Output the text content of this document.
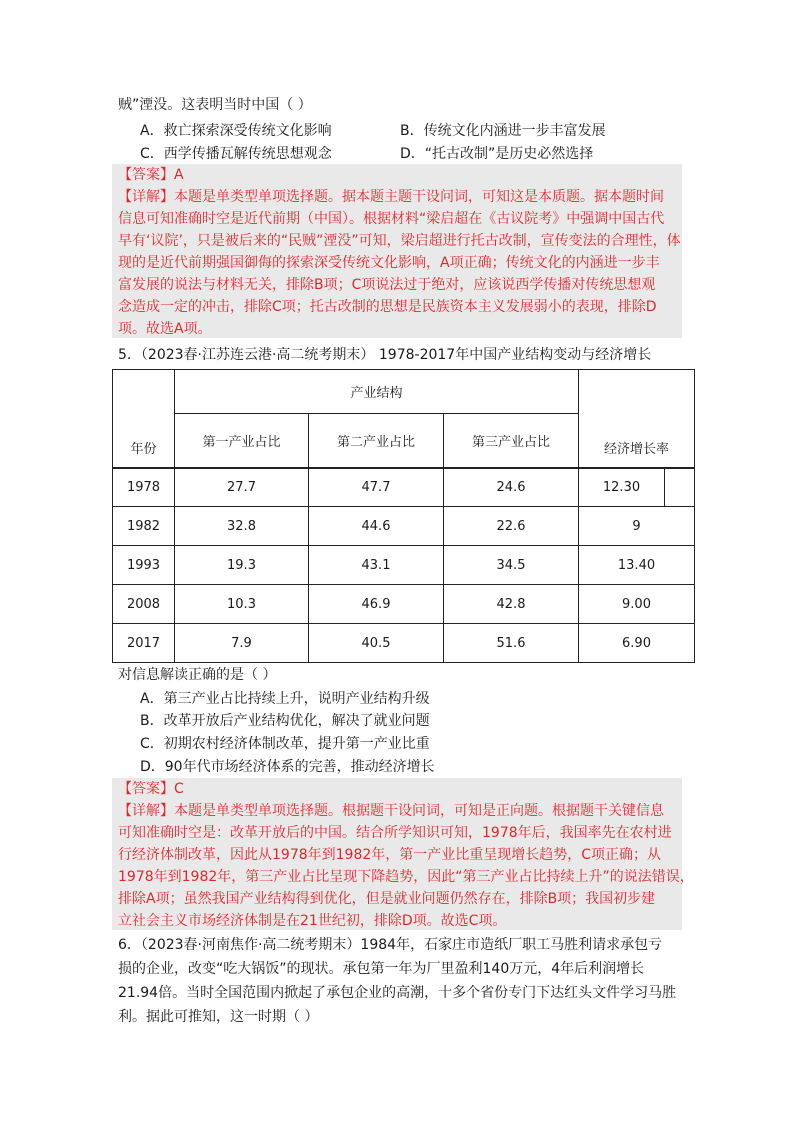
贼”湮没。这表明当时中国（ ）
A．救亡探索深受传统文化影响	B．传统文化内涵进一步丰富发展
C．西学传播瓦解传统思想观念	D．“托古改制”是历史必然选择
【答案】A
【详解】本题是单类型单项选择题。据本题主题干设问词，可知这是本质题。据本题时间
信息可知准确时空是近代前期（中国）。根据材料“梁启超在《古议院考》中强调中国古代
早有‘议院’，只是被后来的“民贼”湮没”可知，梁启超进行托古改制，宣传变法的合理性，体
现的是近代前期强国御侮的探索深受传统文化影响，A项正确；传统文化的内涵进一步丰
富发展的说法与材料无关，排除B项；C项说法过于绝对，应该说西学传播对传统思想观
念造成一定的冲击，排除C项；托古改制的思想是民族资本主义发展弱小的表现，排除D
项。故选A项。
5．（2023春·江苏连云港·高二统考期末） 1978-2017年中国产业结构变动与经济增长
年份	产业结构			经济增长率	
	第一产业占比	第二产业占比	第三产业占比		
1978	27.7	47.7	24.6	12.30	
1982	32.8	44.6	22.6	9	
1993	19.3	43.1	34.5	13.40	
2008	10.3	46.9	42.8	9.00	
2017	7.9	40.5	51.6	6.90	
对信息解读正确的是（ ）
A．第三产业占比持续上升，说明产业结构升级
B．改革开放后产业结构优化，解决了就业问题
C．初期农村经济体制改革，提升第一产业比重
D．90年代市场经济体系的完善，推动经济增长
【答案】C
【详解】本题是单类型单项选择题。根据题干设问词，可知是正向题。根据题干关键信息
可知准确时空是：改革开放后的中国。结合所学知识可知，1978年后，我国率先在农村进
行经济体制改革，因此从1978年到1982年，第一产业比重呈现增长趋势，C项正确；从
1978年到1982年，第三产业占比呈现下降趋势，因此“第三产业占比持续上升”的说法错误，
排除A项；虽然我国产业结构得到优化，但是就业问题仍然存在，排除B项；我国初步建
立社会主义市场经济体制是在21世纪初，排除D项。故选C项。
6．（2023春·河南焦作·高二统考期末）1984年，石家庄市造纸厂职工马胜利请求承包亏
损的企业，改变“吃大锅饭”的现状。承包第一年为厂里盈利140万元，4年后利润增长
21.94倍。当时全国范围内掀起了承包企业的高潮，十多个省份专门下达红头文件学习马胜
利。据此可推知，这一时期（ ）
